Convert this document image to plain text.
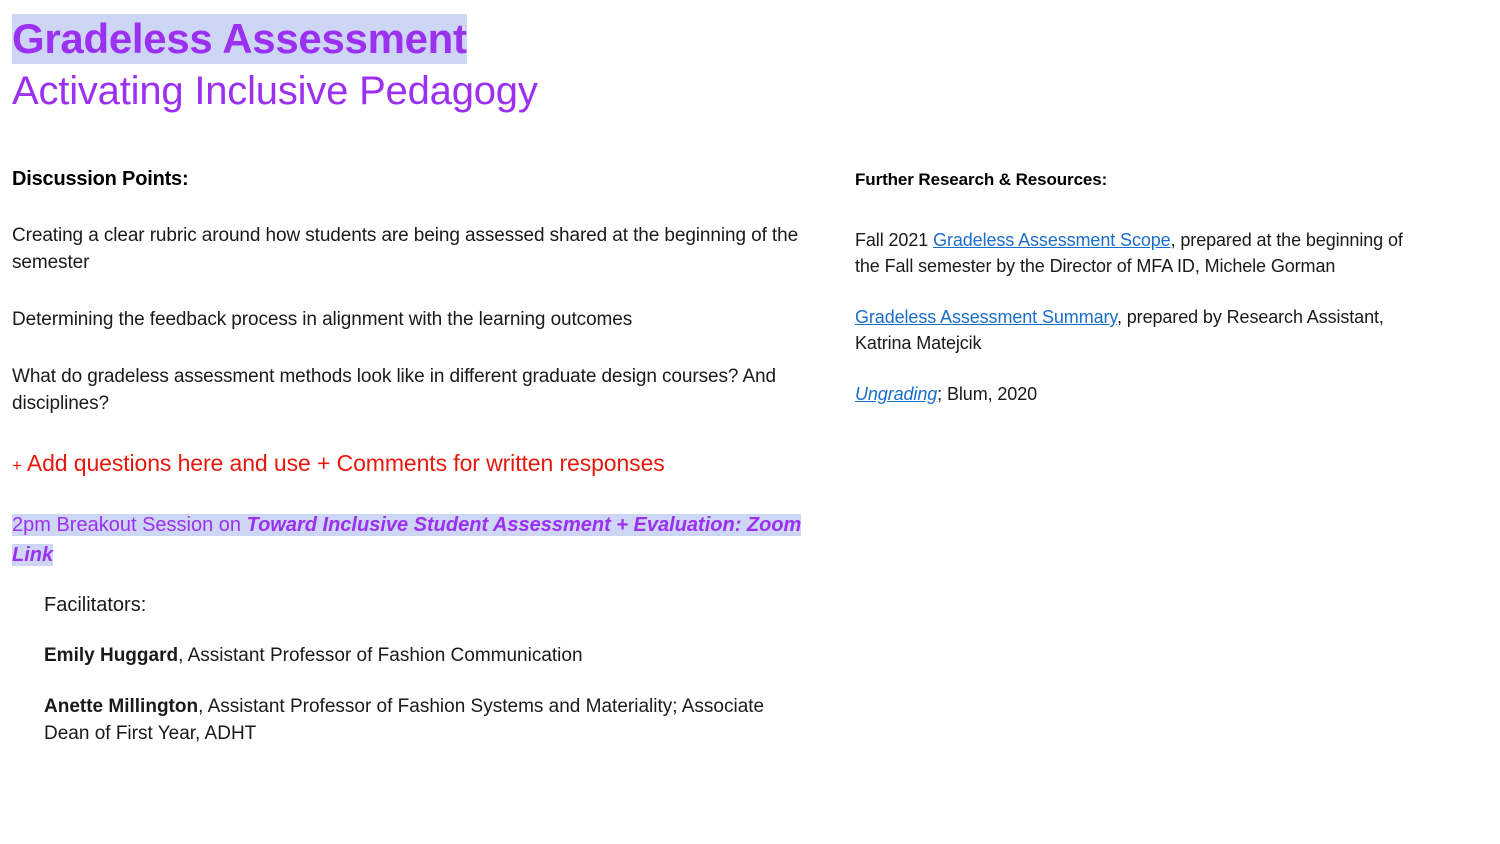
Gradeless Assessment
Activating Inclusive Pedagogy
Discussion Points:

Creating a clear rubric around how students are being assessed shared at the beginning of the semester

Determining the feedback process in alignment with the learning outcomes

What do gradeless assessment methods look like in different graduate design courses? And disciplines?

+ Add questions here and use + Comments for written responses

2pm Breakout Session on Toward Inclusive Student Assessment + Evaluation: Zoom Link

Facilitators:

Emily Huggard, Assistant Professor of Fashion Communication

Anette Millington, Assistant Professor of Fashion Systems and Materiality; Associate Dean of First Year, ADHT

Further Research & Resources:

Fall 2021 Gradeless Assessment Scope, prepared at the beginning of the Fall semester by the Director of MFA ID, Michele Gorman

Gradeless Assessment Summary, prepared by Research Assistant, Katrina Matejcik

Ungrading; Blum, 2020
